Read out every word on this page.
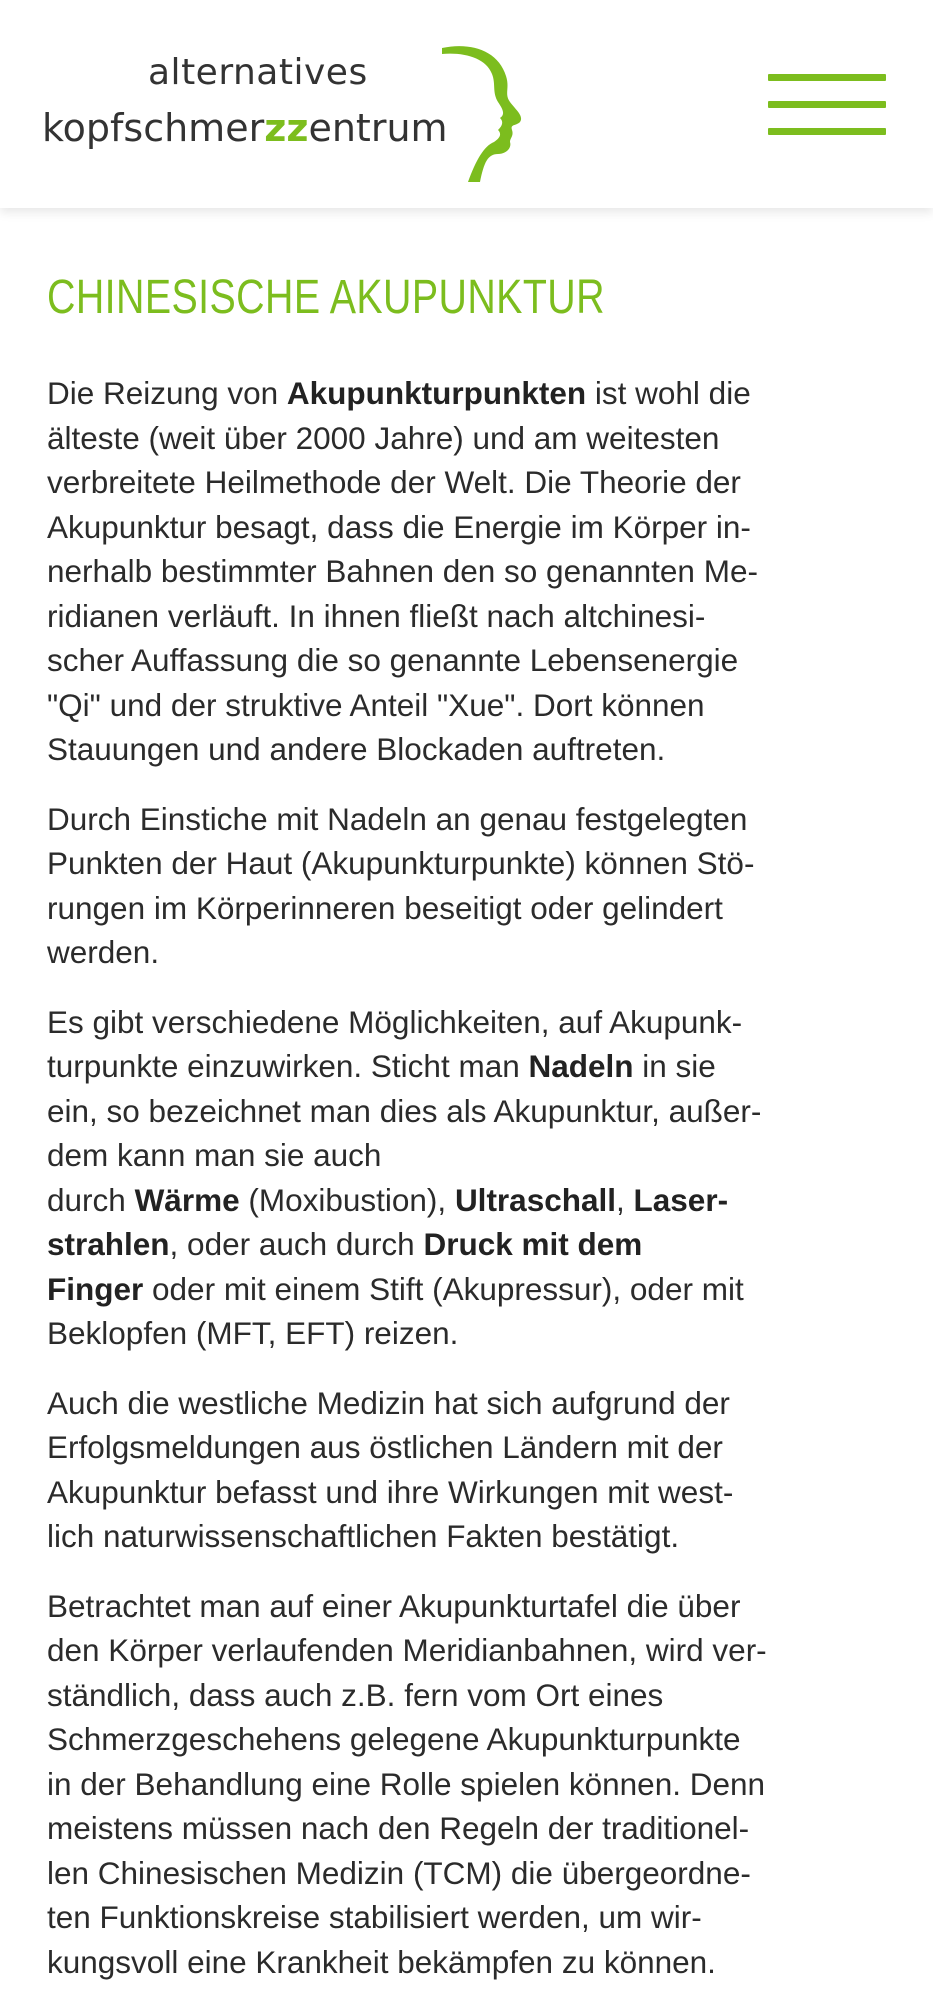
alternatives
kopfschmerzzentrum
CHINESISCHE AKUPUNKTUR

Die Reizung von Akupunkturpunkten ist wohl die
älteste (weit über 2000 Jahre) und am weitesten
verbreitete Heilmethode der Welt. Die Theorie der
Akupunktur besagt, dass die Energie im Körper in-
nerhalb bestimmter Bahnen den so genannten Me-
ridianen verläuft. In ihnen fließt nach altchinesi-
scher Auffassung die so genannte Lebensenergie
"Qi" und der struktive Anteil "Xue". Dort können
Stauungen und andere Blockaden auftreten.

Durch Einstiche mit Nadeln an genau festgelegten
Punkten der Haut (Akupunkturpunkte) können Stö-
rungen im Körperinneren beseitigt oder gelindert
werden.

Es gibt verschiedene Möglichkeiten, auf Akupunk-
turpunkte einzuwirken. Sticht man Nadeln in sie
ein, so bezeichnet man dies als Akupunktur, außer-
dem kann man sie auch
durch Wärme (Moxibustion), Ultraschall, Laser-
strahlen, oder auch durch Druck mit dem
Finger oder mit einem Stift (Akupressur), oder mit
Beklopfen (MFT, EFT) reizen.

Auch die westliche Medizin hat sich aufgrund der
Erfolgsmeldungen aus östlichen Ländern mit der
Akupunktur befasst und ihre Wirkungen mit west-
lich naturwissenschaftlichen Fakten bestätigt.

Betrachtet man auf einer Akupunkturtafel die über
den Körper verlaufenden Meridianbahnen, wird ver-
ständlich, dass auch z.B. fern vom Ort eines
Schmerzgeschehens gelegene Akupunkturpunkte
in der Behandlung eine Rolle spielen können. Denn
meistens müssen nach den Regeln der traditionel-
len Chinesischen Medizin (TCM) die übergeordne-
ten Funktionskreise stabilisiert werden, um wir-
kungsvoll eine Krankheit bekämpfen zu können.
